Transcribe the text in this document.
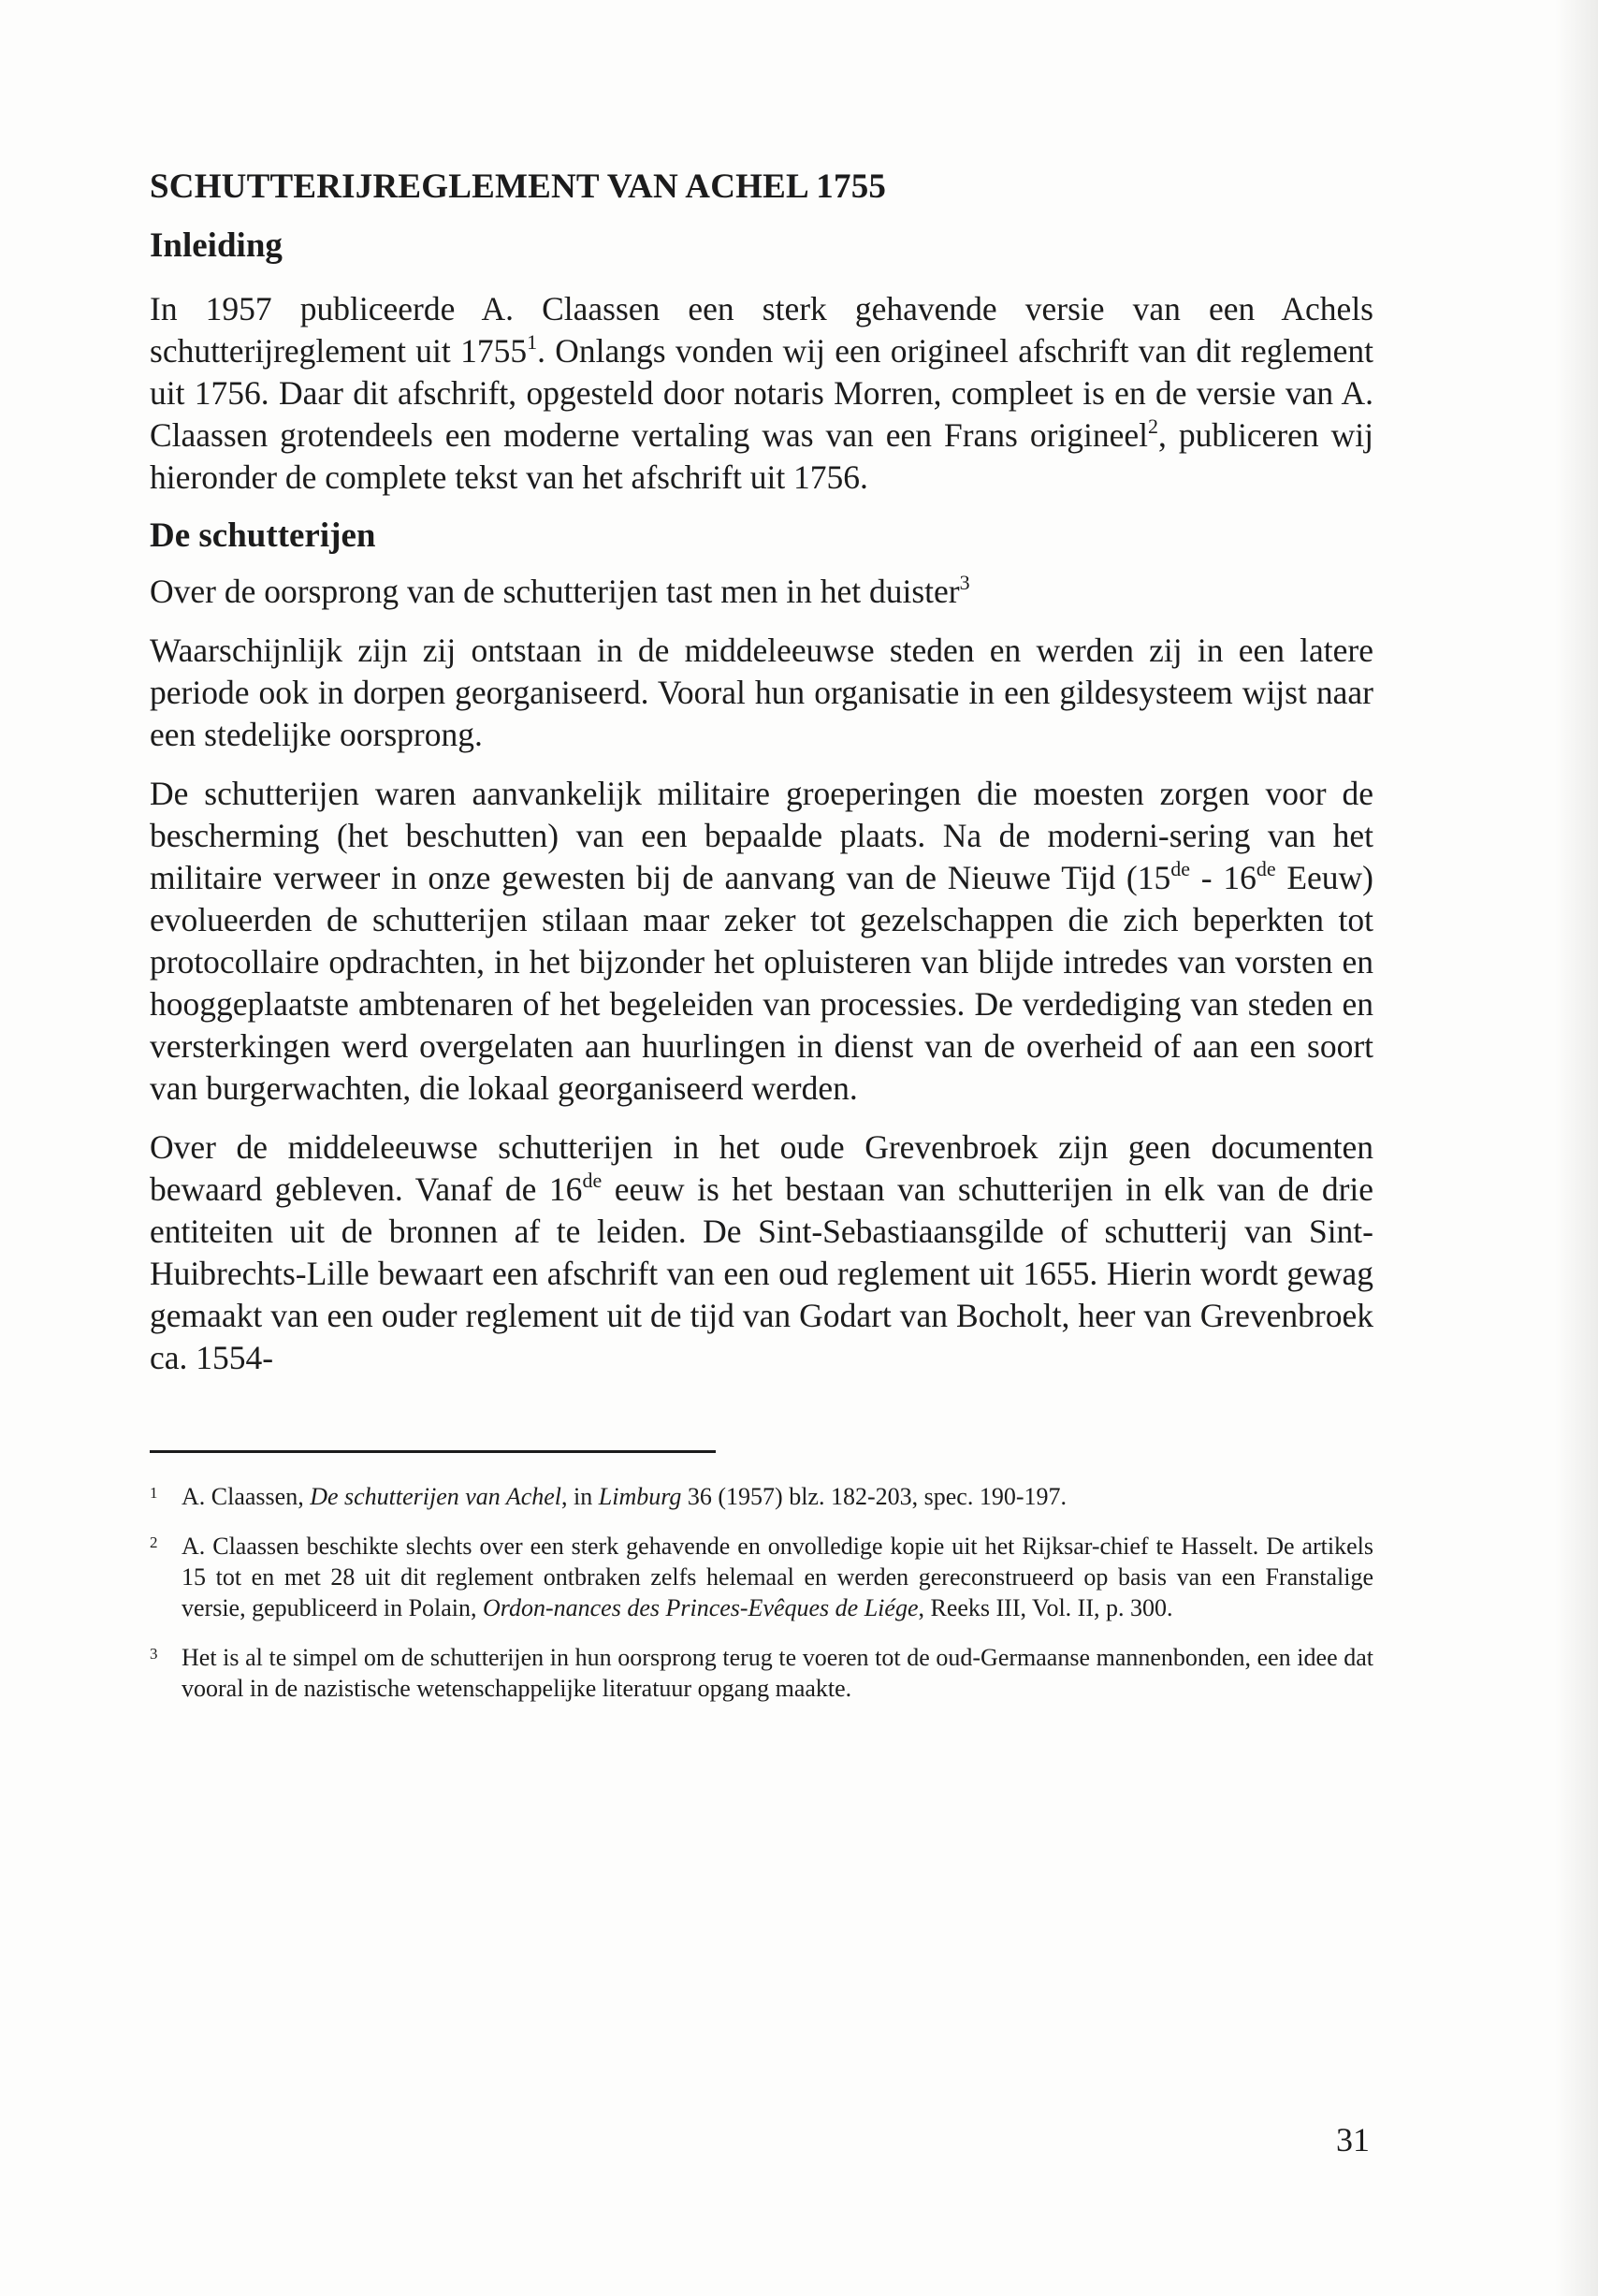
SCHUTTERIJREGLEMENT VAN ACHEL 1755
Inleiding

In 1957 publiceerde A. Claassen een sterk gehavende versie van een Achels schutterijreglement uit 1755$^1$. Onlangs vonden wij een origineel afschrift van dit reglement uit 1756. Daar dit afschrift, opgesteld door notaris Morren, compleet is en de versie van A. Claassen grotendeels een moderne vertaling was van een Frans origineel$^2$, publiceren wij hieronder de complete tekst van het afschrift uit 1756.

De schutterijen

Over de oorsprong van de schutterijen tast men in het duister$^3$

Waarschijnlijk zijn zij ontstaan in de middeleeuwse steden en werden zij in een latere periode ook in dorpen georganiseerd. Vooral hun organisatie in een gildesysteem wijst naar een stedelijke oorsprong.

De schutterijen waren aanvankelijk militaire groeperingen die moesten zorgen voor de bescherming (het beschutten) van een bepaalde plaats. Na de moderni-sering van het militaire verweer in onze gewesten bij de aanvang van de Nieuwe Tijd (15de - 16de Eeuw) evolueerden de schutterijen stilaan maar zeker tot gezelschappen die zich beperkten tot protocollaire opdrachten, in het bijzonder het opluisteren van blijde intredes van vorsten en hooggeplaatste ambtenaren of het begeleiden van processies. De verdediging van steden en versterkingen werd overgelaten aan huurlingen in dienst van de overheid of aan een soort van burgerwachten, die lokaal georganiseerd werden.

Over de middeleeuwse schutterijen in het oude Grevenbroek zijn geen documenten bewaard gebleven. Vanaf de 16de eeuw is het bestaan van schutterijen in elk van de drie entiteiten uit de bronnen af te leiden. De Sint-Sebastiaansgilde of schutterij van Sint-Huibrechts-Lille bewaart een afschrift van een oud reglement uit 1655. Hierin wordt gewag gemaakt van een ouder reglement uit de tijd van Godart van Bocholt, heer van Grevenbroek ca. 1554-

1 A. Claassen, De schutterijen van Achel, in Limburg 36 (1957) blz. 182-203, spec. 190-197.
2 A. Claassen beschikte slechts over een sterk gehavende en onvolledige kopie uit het Rijksar-chief te Hasselt. De artikels 15 tot en met 28 uit dit reglement ontbraken zelfs helemaal en werden gereconstrueerd op basis van een Franstalige versie, gepubliceerd in Polain, Ordon-nances des Princes-Evêques de Liége, Reeks III, Vol. II, p. 300.
3 Het is al te simpel om de schutterijen in hun oorsprong terug te voeren tot de oud-Germaanse mannenbonden, een idee dat vooral in de nazistische wetenschappelijke literatuur opgang maakte.
31
